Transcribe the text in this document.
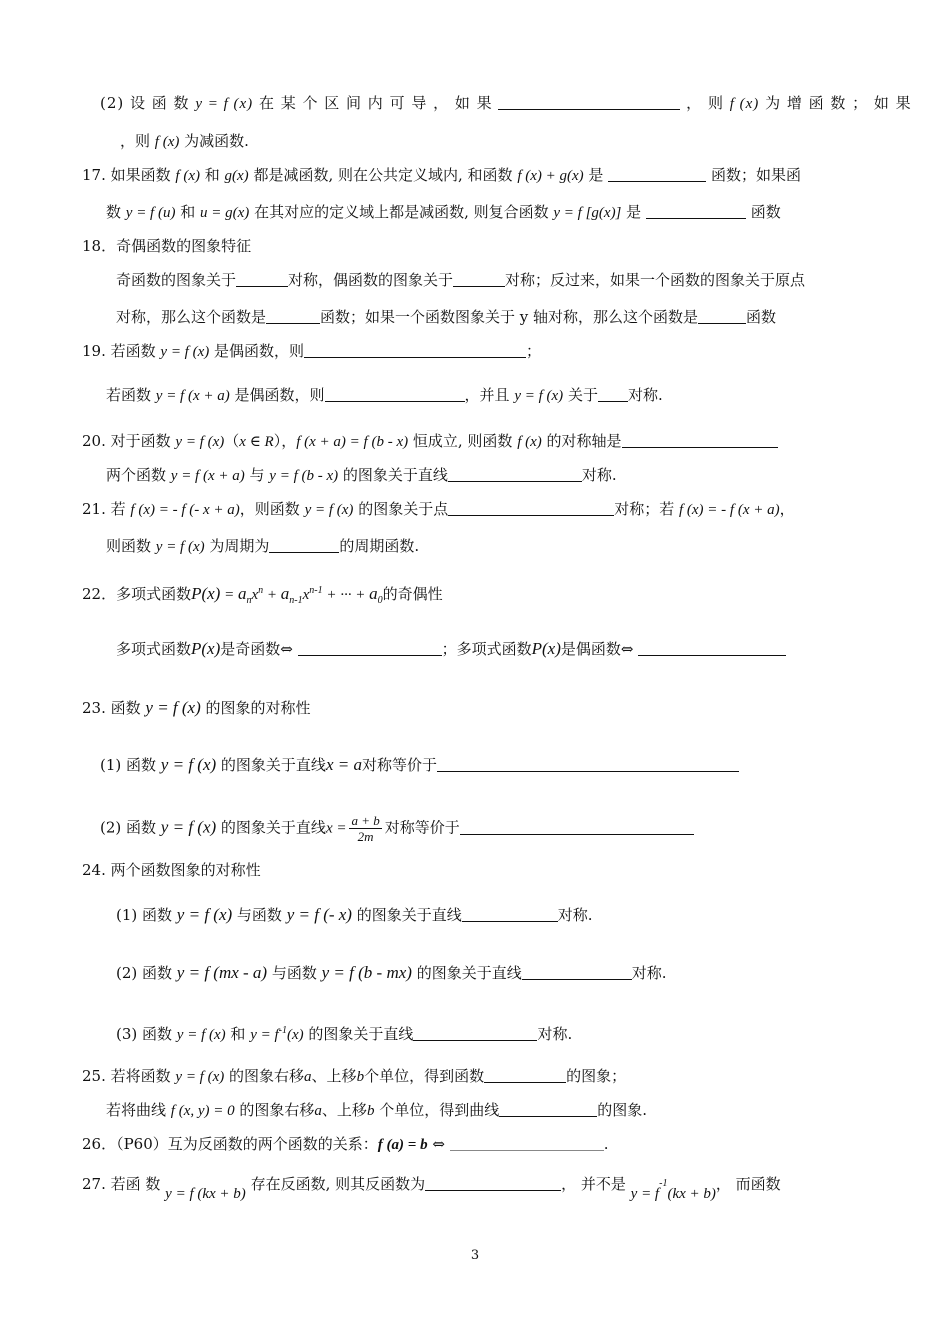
(2) 设 函 数 y = f (x) 在 某 个 区 间 内 可 导 ， 如 果	， 则 f (x) 为 增 函 数 ； 如 果
，则 f (x) 为减函数.
17. 如果函数 f (x) 和 g(x) 都是减函数, 则在公共定义域内, 和函数 f (x) + g(x) 是	函数；如果函
数 y = f (u) 和 u = g(x) 在其对应的定义域上都是减函数, 则复合函数 y = f [g(x)] 是	函数
18．奇偶函数的图象特征
奇函数的图象关于	对称，偶函数的图象关于	对称；反过来，如果一个函数的图象关于原点
对称，那么这个函数是	函数；如果一个函数图象关于 y 轴对称，那么这个函数是	函数
19. 若函数 y = f (x) 是偶函数，则	；
若函数 y = f (x + a) 是偶函数，则	，并且 y = f (x) 关于 对称.
20. 对于函数 y = f (x)（x ∈ R），f (x + a) = f (b - x) 恒成立, 则函数 f (x) 的对称轴是
两个函数 y = f (x + a) 与 y = f (b - x) 的图象关于直线	对称.
21. 若 f (x) = - f (- x + a)，则函数 y = f (x) 的图象关于点	对称；若 f (x) = - f (x + a)，
则函数 y = f (x) 为周期为	的周期函数.
22．多项式函数$P(x) = a_nx^n + a_{n-1}x^{n-1}$ + ··· + $a_0$的奇偶性
多项式函数P(x)是奇函数⇔	；多项式函数P(x)是偶函数⇔
23. 函数 y = f (x) 的图象的对称性
(1) 函数 y = f (x) 的图象关于直线x = a对称等价于
(2) 函数 y = f (x) 的图象关于直线$x = \frac{a + b}{2m}$ 对称等价于
24. 两个函数图象的对称性
(1) 函数 y = f (x) 与函数 y = f (- x) 的图象关于直线	对称.
(2) 函数 y = f (mx - a) 与函数 y = f (b - mx) 的图象关于直线	对称.
(3) 函数 y = f (x) 和 $y = f^{-1}(x)$ 的图象关于直线	对称.
25. 若将函数 y = f (x) 的图象右移a、上移b个单位，得到函数	的图象；
若将曲线 f (x, y) = 0 的图象右移a、上移b 个单位，得到曲线	的图象.
26．（P60）互为反函数的两个函数的关系：f (a) = b ⇔	.
27. 若函 数 y = f (kx + b) 存在反函数, 则其反函数为	， 并不是 $y = f^{-1}(kx + b)$， 而函数
3
